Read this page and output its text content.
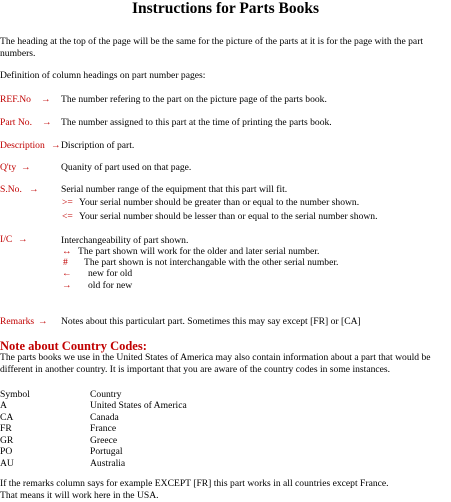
Instructions for Parts Books
The heading at the top of the page will be the same for the picture of the parts at it is for the page with the part numbers.
Definition of column headings on part number pages:
REF.No → The number refering to the part on the picture page of the parts book.
Part No. → The number assigned to this part at the time of printing the parts book.
Description → Discription of part.
Q'ty →	Quanity of part used on that page.
S.No. → Serial number range of the equipment that this part will fit.
>= Your serial number should be greater than or equal to the number shown.
<= Your serial number should be lesser than or equal to the serial number shown.
I/C →	Interchangeability of part shown.
↔ The part shown will work for the older and later serial number.
# The part shown is not interchangable with the other serial number.
← new for old
→ old for new
Remarks → Notes about this particulart part. Sometimes this may say except [FR] or [CA]
Note about Country Codes:
The parts books we use in the United States of America may also contain information about a part that would be different in another country. It is important that you are aware of the country codes in some instances.
Symbol	Country
A	United States of America
CA	Canada
FR	France
GR	Greece
PO	Portugal
AU	Australia
If the remarks column says for example EXCEPT [FR] this part works in all countries except France.
That means it will work here in the USA.
